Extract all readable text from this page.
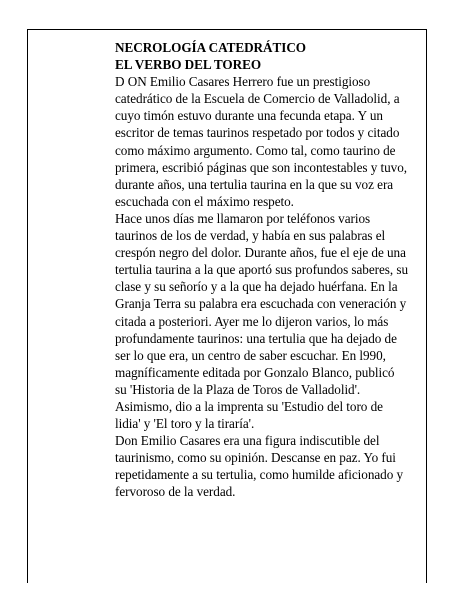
NECROLOGÍA CATEDRÁTICO
EL VERBO DEL TOREO
D ON Emilio Casares Herrero fue un prestigioso
catedrático de la Escuela de Comercio de Valladolid, a
cuyo timón estuvo durante una fecunda etapa. Y un
escritor de temas taurinos respetado por todos y citado
como máximo argumento. Como tal, como taurino de
primera, escribió páginas que son incontestables y tuvo,
durante años, una tertulia taurina en la que su voz era
escuchada con el máximo respeto.
Hace unos días me llamaron por teléfonos varios
taurinos de los de verdad, y había en sus palabras el
crespón negro del dolor. Durante años, fue el eje de una
tertulia taurina a la que aportó sus profundos saberes, su
clase y su señorío y a la que ha dejado huérfana. En la
Granja Terra su palabra era escuchada con veneración y
citada a posteriori. Ayer me lo dijeron varios, lo más
profundamente taurinos: una tertulia que ha dejado de
ser lo que era, un centro de saber escuchar. En l990,
magníficamente editada por Gonzalo Blanco, publicó
su 'Historia de la Plaza de Toros de Valladolid'.
Asimismo, dio a la imprenta su 'Estudio del toro de
lidia' y 'El toro y la tiraría'.
Don Emilio Casares era una figura indiscutible del
taurinismo, como su opinión. Descanse en paz. Yo fui
repetidamente a su tertulia, como humilde aficionado y
fervoroso de la verdad.
